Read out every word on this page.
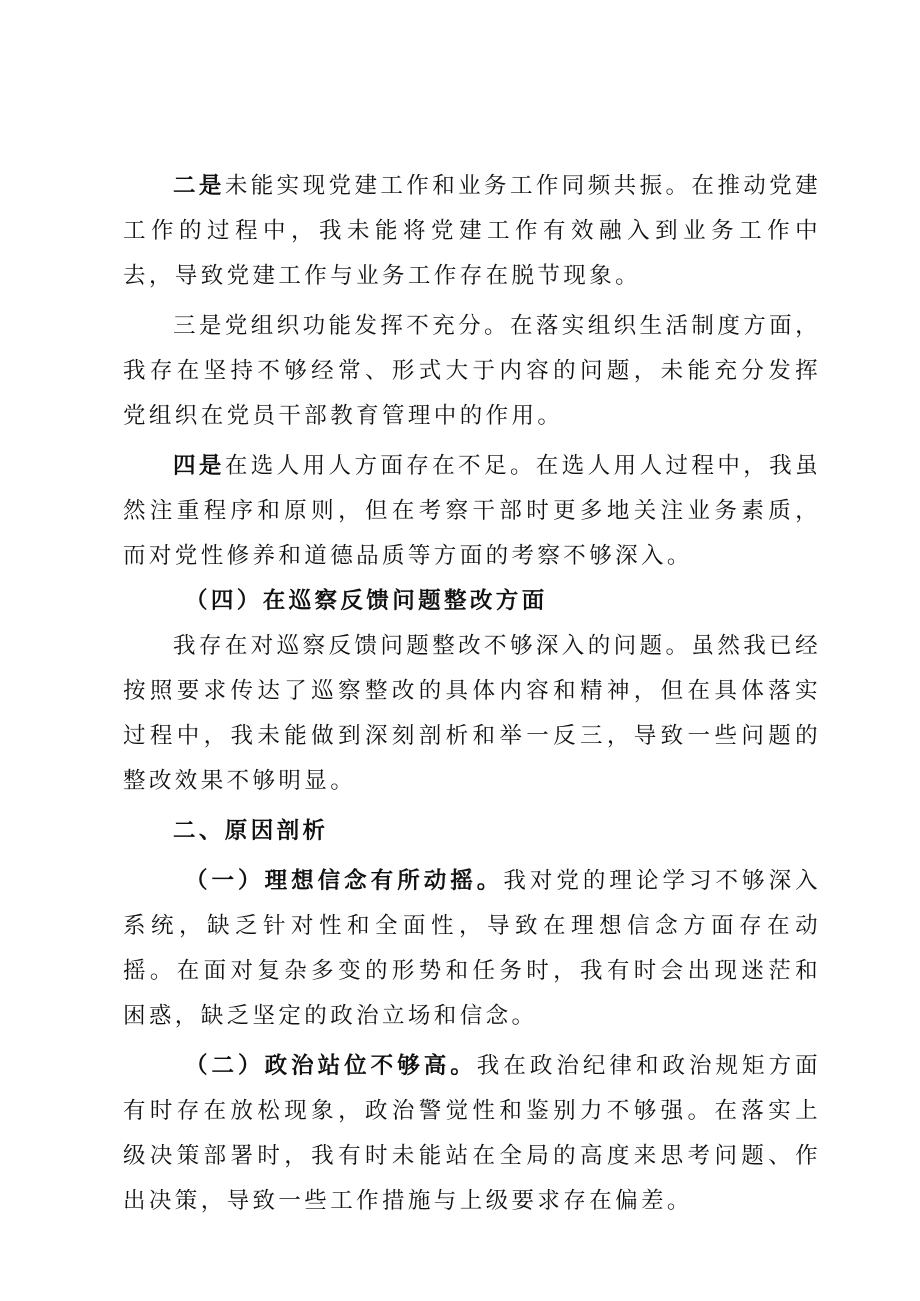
二是未能实现党建工作和业务工作同频共振。在推动党建工作的过程中，我未能将党建工作有效融入到业务工作中去，导致党建工作与业务工作存在脱节现象。

三是党组织功能发挥不充分。在落实组织生活制度方面，我存在坚持不够经常、形式大于内容的问题，未能充分发挥党组织在党员干部教育管理中的作用。

四是在选人用人方面存在不足。在选人用人过程中，我虽然注重程序和原则，但在考察干部时更多地关注业务素质，而对党性修养和道德品质等方面的考察不够深入。

（四）在巡察反馈问题整改方面

我存在对巡察反馈问题整改不够深入的问题。虽然我已经按照要求传达了巡察整改的具体内容和精神，但在具体落实过程中，我未能做到深刻剖析和举一反三，导致一些问题的整改效果不够明显。

二、原因剖析

（一）理想信念有所动摇。我对党的理论学习不够深入系统，缺乏针对性和全面性，导致在理想信念方面存在动摇。在面对复杂多变的形势和任务时，我有时会出现迷茫和困惑，缺乏坚定的政治立场和信念。

（二）政治站位不够高。我在政治纪律和政治规矩方面有时存在放松现象，政治警觉性和鉴别力不够强。在落实上级决策部署时，我有时未能站在全局的高度来思考问题、作出决策，导致一些工作措施与上级要求存在偏差。
